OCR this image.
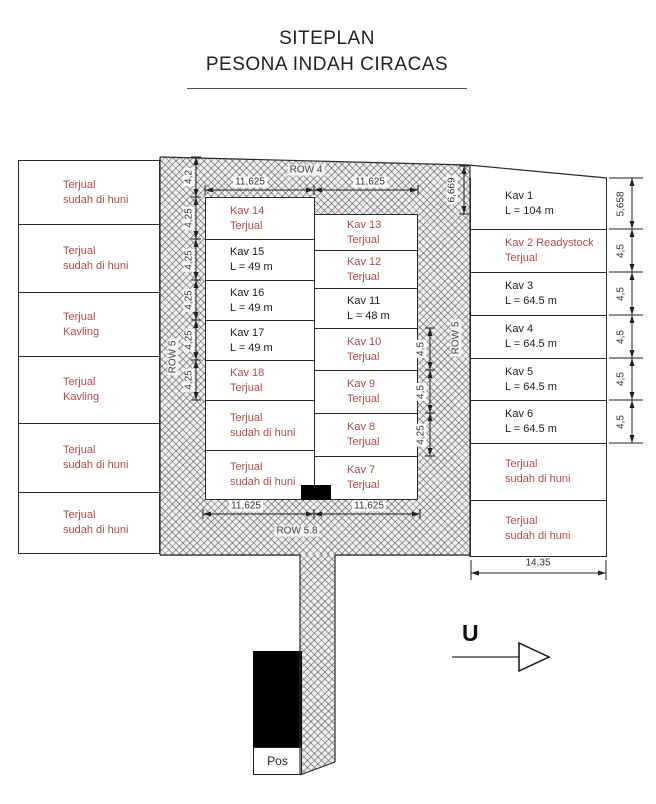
SITEPLAN
PESONA INDAH CIRACAS
Terjual
sudah di huni
Terjual
sudah di huni
Terjual
Kavling
Terjual
Kavling
Terjual
sudah di huni
Terjual
sudah di huni
Kav 14
Terjual
Kav 15
L = 49 m
Kav 16
L = 49 m
Kav 17
L = 49 m
Kav 18
Terjual
Terjual
sudah di huni
Terjual
sudah di huni
Kav 13
Terjual
Kav 12
Terjual
Kav 11
L = 48 m
Kav 10
Terjual
Kav 9
Terjual
Kav 8
Terjual
Kav 7
Terjual
Kav 1
L = 104 m
Kav 2 Readystock
Terjual
Kav 3
L = 64.5 m
Kav 4
L = 64.5 m
Kav 5
L = 64.5 m
Kav 6
L = 64.5 m
Terjual
sudah di huni
Terjual
sudah di huni
Pos
ROW 4
ROW 5
ROW 5
ROW 5.8
11,625	11,625
11,625	11,625
14,35
4,2
4,25
4,25
4,25
4,25
4,25
4,5
4,5
4,25
6,669
5,658
4,5
4,5
4,5
4,5
4,5
U
